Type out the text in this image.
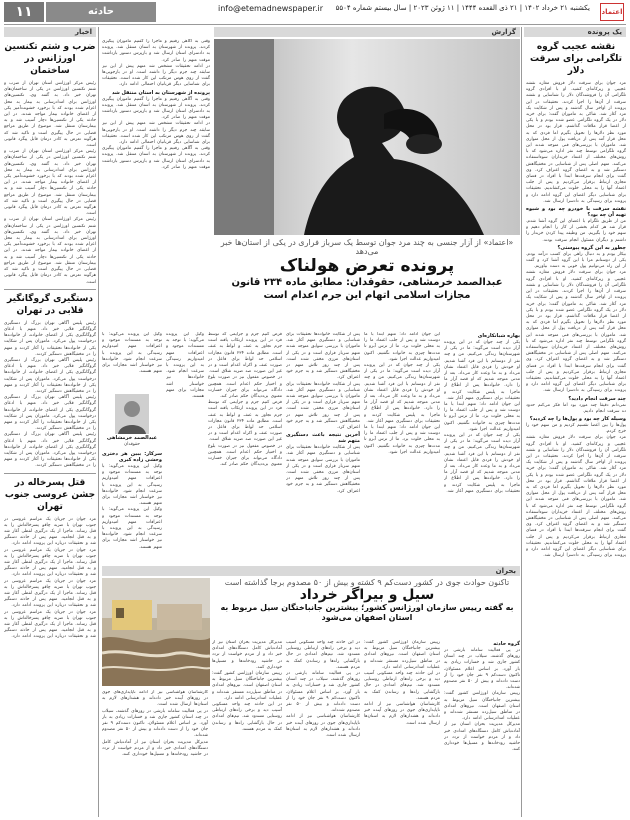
۱۱	حادثه	info@etemadnewspaper.ir	یکشنبه ۲۱ خرداد ۱۴۰۲ | ۲۱ ذی القعده ۱۴۴۴ | ۱۱ ژوئن ۲۰۲۳ | سال بیستم شماره ۵۵۰۴ اعتماد
یک پرونده
گزارش
اخبار
نقشه عجیب گروه تلگرامی برای سرقت دلار
مرد جوان برای سرقت دلار فروش مغازه نقشه عجیبی و زیرکانه‌ای کشید. او با افرادی گروه تلگرامی آن را فروشندگان دلار را شناسایی و نقشه سرقت از آن‌ها را اجرا کردند. تحقیقات در این پرونده از اواخر سال گذشته و پس از شکایت یک مرد آغاز شد. شاکی به ماموران گفت: برای خرید دلار در یک گروه تلگرامی عضو شده بودم و با یکی از اعضا قرار ملاقات گذاشتم. قرار بود در محل مورد نظر دلارها را تحویل بگیرم اما فردی که به محل قرار آمد پس از دریافت پول از محل متواری شد. ماموران با بررسی‌های فنی متوجه شدند این گروه تلگرامی توسط چند نفر اداره می‌شود که با روش‌های مختلف از اعتماد خریداران سوءاستفاده می‌کنند. متهم اصلی پس از شناسایی در مخفیگاهش دستگیر شد و به اعضای گروه اعتراف کرد. وی گفت برای انجام سرقت‌ها ابتدا با افراد در فضای مجازی ارتباط برقرار می‌کردیم و پس از جلب اعتماد آنها را به محلی خلوت می‌کشاندیم. تحقیقات برای شناسایی دیگر اعضای این گروه ادامه دارد و پرونده برای رسیدگی به دادسرا ارسال شد.
نقشه سرقت با خودرو چه بود و شیوه تهیه آن چه بود؟
من از طریق تلگرام با اعضای این گروه آشنا شدم. قرار شد هر کدام بخشی از کار را انجام دهیم و سهم خود را بگیریم. من وظیفه پیدا کردن خریدار را داشتم و دیگران مسئول انجام سرقت بودند.
چطور به این گروه پیوستی؟
بیکار بودم و به دنبال راهی برای کسب درآمد بودم. یکی از دوستانم مرا با این گروه آشنا کرد و گفت از این راه می‌توانیم پول خوبی به دست بیاوریم.
مرد جوان برای سرقت دلار فروش مغازه نقشه عجیبی و زیرکانه‌ای کشید. او با افرادی گروه تلگرامی آن را فروشندگان دلار را شناسایی و نقشه سرقت از آن‌ها را اجرا کردند. تحقیقات در این پرونده از اواخر سال گذشته و پس از شکایت یک مرد آغاز شد. شاکی به ماموران گفت: برای خرید دلار در یک گروه تلگرامی عضو شده بودم و با یکی از اعضا قرار ملاقات گذاشتم. قرار بود در محل مورد نظر دلارها را تحویل بگیرم اما فردی که به محل قرار آمد پس از دریافت پول از محل متواری شد. ماموران با بررسی‌های فنی متوجه شدند این گروه تلگرامی توسط چند نفر اداره می‌شود که با روش‌های مختلف از اعتماد خریداران سوءاستفاده می‌کنند. متهم اصلی پس از شناسایی در مخفیگاهش دستگیر شد و به اعضای گروه اعتراف کرد. وی گفت برای انجام سرقت‌ها ابتدا با افراد در فضای مجازی ارتباط برقرار می‌کردیم و پس از جلب اعتماد آنها را به محلی خلوت می‌کشاندیم. تحقیقات برای شناسایی دیگر اعضای این گروه ادامه دارد و پرونده برای رسیدگی به دادسرا ارسال شد.
چند سرقت انجام دادید؟
نمی‌دانم دقیقا چند مورد بود اما فکر می‌کنم حدود ده سرقت انجام دادیم.
وسیله کار چه بود و پول‌ها را چه کردید؟
پول‌ها را بین اعضا تقسیم کردیم و من سهم خود را خرج کردم.
مرد جوان برای سرقت دلار فروش مغازه نقشه عجیبی و زیرکانه‌ای کشید. او با افرادی گروه تلگرامی آن را فروشندگان دلار را شناسایی و نقشه سرقت از آن‌ها را اجرا کردند. تحقیقات در این پرونده از اواخر سال گذشته و پس از شکایت یک مرد آغاز شد. شاکی به ماموران گفت: برای خرید دلار در یک گروه تلگرامی عضو شده بودم و با یکی از اعضا قرار ملاقات گذاشتم. قرار بود در محل مورد نظر دلارها را تحویل بگیرم اما فردی که به محل قرار آمد پس از دریافت پول از محل متواری شد. ماموران با بررسی‌های فنی متوجه شدند این گروه تلگرامی توسط چند نفر اداره می‌شود که با روش‌های مختلف از اعتماد خریداران سوءاستفاده می‌کنند. متهم اصلی پس از شناسایی در مخفیگاهش دستگیر شد و به اعضای گروه اعتراف کرد. وی گفت برای انجام سرقت‌ها ابتدا با افراد در فضای مجازی ارتباط برقرار می‌کردیم و پس از جلب اعتماد آنها را به محلی خلوت می‌کشاندیم. تحقیقات برای شناسایی دیگر اعضای این گروه ادامه دارد و پرونده برای رسیدگی به دادسرا ارسال شد.
ضرب و شتم تکنسین اورژانس در ساختمان
رئیس مرکز اورژانس استان تهران از ضرب و شتم تکنسین اورژانس در یکی از ساختمان‌های تهران خبر داد. به گفته وی، تکنسین‌های اورژانس برای امدادرسانی به بیمار به محل اعزام شده بودند که با برخورد خشونت‌آمیز یکی از اعضای خانواده بیمار مواجه شدند. در این حادثه یکی از تکنسین‌ها دچار آسیب شد و به بیمارستان منتقل شد. موضوع از طریق مراجع قضایی در حال پیگیری است و تاکید شد که هرگونه تعرض به کادر درمان قابل پیگرد قانونی است.
رئیس مرکز اورژانس استان تهران از ضرب و شتم تکنسین اورژانس در یکی از ساختمان‌های تهران خبر داد. به گفته وی، تکنسین‌های اورژانس برای امدادرسانی به بیمار به محل اعزام شده بودند که با برخورد خشونت‌آمیز یکی از اعضای خانواده بیمار مواجه شدند. در این حادثه یکی از تکنسین‌ها دچار آسیب شد و به بیمارستان منتقل شد. موضوع از طریق مراجع قضایی در حال پیگیری است و تاکید شد که هرگونه تعرض به کادر درمان قابل پیگرد قانونی است.
رئیس مرکز اورژانس استان تهران از ضرب و شتم تکنسین اورژانس در یکی از ساختمان‌های تهران خبر داد. به گفته وی، تکنسین‌های اورژانس برای امدادرسانی به بیمار به محل اعزام شده بودند که با برخورد خشونت‌آمیز یکی از اعضای خانواده بیمار مواجه شدند. در این حادثه یکی از تکنسین‌ها دچار آسیب شد و به بیمارستان منتقل شد. موضوع از طریق مراجع قضایی در حال پیگیری است و تاکید شد که هرگونه تعرض به کادر درمان قابل پیگرد قانونی است.
دستگیری گروگانگیر قلابی در تهران
رئیس پلیس آگاهی تهران بزرگ از دستگیری گروگانگیر قلابی خبر داد. متهم با ادعای گروگانگیری یکی از اعضای خانواده، از خانواده‌ها درخواست پول می‌کرد. ماموران پس از شکایت یکی از خانواده‌ها تحقیقات را آغاز کردند و متهم را در مخفیگاهش دستگیر کردند.
رئیس پلیس آگاهی تهران بزرگ از دستگیری گروگانگیر قلابی خبر داد. متهم با ادعای گروگانگیری یکی از اعضای خانواده، از خانواده‌ها درخواست پول می‌کرد. ماموران پس از شکایت یکی از خانواده‌ها تحقیقات را آغاز کردند و متهم را در مخفیگاهش دستگیر کردند.
رئیس پلیس آگاهی تهران بزرگ از دستگیری گروگانگیر قلابی خبر داد. متهم با ادعای گروگانگیری یکی از اعضای خانواده، از خانواده‌ها درخواست پول می‌کرد. ماموران پس از شکایت یکی از خانواده‌ها تحقیقات را آغاز کردند و متهم را در مخفیگاهش دستگیر کردند.
رئیس پلیس آگاهی تهران بزرگ از دستگیری گروگانگیر قلابی خبر داد. متهم با ادعای گروگانگیری یکی از اعضای خانواده، از خانواده‌ها درخواست پول می‌کرد. ماموران پس از شکایت یکی از خانواده‌ها تحقیقات را آغاز کردند و متهم را در مخفیگاهش دستگیر کردند.
قتل پسرخاله در جشن عروسی جنوب تهران
مرد جوان در جریان یک مراسم عروسی در جنوب تهران با ضربه چاقو پسرخاله‌اش را به قتل رساند. ماجرا از یک درگیری لفظی آغاز شد و به قتل انجامید. متهم پس از حادثه دستگیر شد و تحقیقات درباره این پرونده ادامه دارد.
مرد جوان در جریان یک مراسم عروسی در جنوب تهران با ضربه چاقو پسرخاله‌اش را به قتل رساند. ماجرا از یک درگیری لفظی آغاز شد و به قتل انجامید. متهم پس از حادثه دستگیر شد و تحقیقات درباره این پرونده ادامه دارد.
مرد جوان در جریان یک مراسم عروسی در جنوب تهران با ضربه چاقو پسرخاله‌اش را به قتل رساند. ماجرا از یک درگیری لفظی آغاز شد و به قتل انجامید. متهم پس از حادثه دستگیر شد و تحقیقات درباره این پرونده ادامه دارد.
مرد جوان در جریان یک مراسم عروسی در جنوب تهران با ضربه چاقو پسرخاله‌اش را به قتل رساند. ماجرا از یک درگیری لفظی آغاز شد و به قتل انجامید. متهم پس از حادثه دستگیر شد و تحقیقات درباره این پرونده ادامه دارد.
وقتی به آگاهی رفتیم و ماجرا را گفتیم ماموران پیگیری کردند. پرونده از شهرستان به استان منتقل شد. پرونده به دادسرای استان ارسال شد و بازپرس دستور بازداشت موقت متهم را صادر کرد.
در ادامه تحقیقات مشخص شد متهم پیش از این نیز سابقه چند جرم دیگر را داشته است. او در بازجویی‌ها گفت از روی هوس مرتکب این کار شده است. تحقیقات برای شناسایی دیگر قربانیان احتمالی ادامه دارد.
پرونده از شهرستان به استان منتقل شد
وقتی به آگاهی رفتیم و ماجرا را گفتیم ماموران پیگیری کردند. پرونده از شهرستان به استان منتقل شد. پرونده به دادسرای استان ارسال شد و بازپرس دستور بازداشت موقت متهم را صادر کرد.
در ادامه تحقیقات مشخص شد متهم پیش از این نیز سابقه چند جرم دیگر را داشته است. او در بازجویی‌ها گفت از روی هوس مرتکب این کار شده است. تحقیقات برای شناسایی دیگر قربانیان احتمالی ادامه دارد.
وقتی به آگاهی رفتیم و ماجرا را گفتیم ماموران پیگیری کردند. پرونده از شهرستان به استان منتقل شد. پرونده به دادسرای استان ارسال شد و بازپرس دستور بازداشت موقت متهم را صادر کرد.
«اعتماد» از آزار جنسی به چند مرد جوان توسط یک سرباز فراری در یکی از استان‌ها خبر می‌دهد
پرونده تعرض هولناک
عبدالصمد خرمشاهی، حقوقدان: مطابق ماده ۲۳۴ قانون مجازات اسلامی اتهام این جرم اعدام است
بهاره شبانکاره‌ای
یکی از چند جوان که در این پرونده آزار دیده است می‌گوید: ما در یکی از شهرستان‌ها زندگی می‌کنیم. من و چند نفر از دوستانم با این فرد آشنا شدیم. او خودش را فردی قابل اعتماد نشان می‌داد و به ما وعده کار می‌داد. بعد از مدتی متوجه شدیم که او قصد آزار ما را دارد. خانواده‌ها پس از اطلاع از ماجرا به پلیس شکایت کردند و تحقیقات برای دستگیری متهم آغاز شد.
این جوان ادامه داد: متهم ابتدا با ما دوست شد و پس از جلب اعتماد ما را به محلی خلوت برد. ما از ترس آبرو تا مدت‌ها چیزی به خانواده نگفتیم. اکنون امیدواریم عدالت اجرا شود.
یکی از چند جوان که در این پرونده آزار دیده است می‌گوید: ما در یکی از شهرستان‌ها زندگی می‌کنیم. من و چند نفر از دوستانم با این فرد آشنا شدیم. او خودش را فردی قابل اعتماد نشان می‌داد و به ما وعده کار می‌داد. بعد از مدتی متوجه شدیم که او قصد آزار ما را دارد. خانواده‌ها پس از اطلاع از ماجرا به پلیس شکایت کردند و تحقیقات برای دستگیری متهم آغاز شد.
این جوان ادامه داد: متهم ابتدا با ما دوست شد و پس از جلب اعتماد ما را به محلی خلوت برد. ما از ترس آبرو تا مدت‌ها چیزی به خانواده نگفتیم. اکنون امیدواریم عدالت اجرا شود.
یکی از چند جوان که در این پرونده آزار دیده است می‌گوید: ما در یکی از شهرستان‌ها زندگی می‌کنیم. من و چند نفر از دوستانم با این فرد آشنا شدیم. او خودش را فردی قابل اعتماد نشان می‌داد و به ما وعده کار می‌داد. بعد از مدتی متوجه شدیم که او قصد آزار ما را دارد. خانواده‌ها پس از اطلاع از ماجرا به پلیس شکایت کردند و تحقیقات برای دستگیری متهم آغاز شد.
این جوان ادامه داد: متهم ابتدا با ما دوست شد و پس از جلب اعتماد ما را به محلی خلوت برد. ما از ترس آبرو تا مدت‌ها چیزی به خانواده نگفتیم. اکنون امیدواریم عدالت اجرا شود.
پس از شکایت خانواده‌ها تحقیقات برای شناسایی و دستگیری متهم آغاز شد. ماموران با بررسی سوابق متوجه شدند متهم سرباز فراری است و در یکی از استان‌های مرزی مخفی شده است. پس از چند روز تلاش متهم در مخفیگاهش دستگیر شد و به جرم خود اعتراف کرد.
پس از شکایت خانواده‌ها تحقیقات برای شناسایی و دستگیری متهم آغاز شد. ماموران با بررسی سوابق متوجه شدند متهم سرباز فراری است و در یکی از استان‌های مرزی مخفی شده است. پس از چند روز تلاش متهم در مخفیگاهش دستگیر شد و به جرم خود اعتراف کرد.
آخرین نتیجه باعث دستگیری متهم شد
پس از شکایت خانواده‌ها تحقیقات برای شناسایی و دستگیری متهم آغاز شد. ماموران با بررسی سوابق متوجه شدند متهم سرباز فراری است و در یکی از استان‌های مرزی مخفی شده است. پس از چند روز تلاش متهم در مخفیگاهش دستگیر شد و به جرم خود اعتراف کرد.
فرض کنیم جرم و جرایمی که توسط فرد در این پرونده ارتکاب یافته است جرم تجاوز به عنف و لواط به عنف است. مطابق ماده ۲۳۴ قانون مجازات اسلامی حد لواط برای فاعل در صورت عنف و اکراه اعدام است و در غیر این صورت صد ضربه شلاق است.
در خصوص مفعول نیز در صورت بلوغ و اختیار حکم اعدام است. همچنین دادگاه می‌تواند برای جبران خسارت معنوی بزه‌دیدگان حکم صادر کند.
فرض کنیم جرم و جرایمی که توسط فرد در این پرونده ارتکاب یافته است جرم تجاوز به عنف و لواط به عنف است. مطابق ماده ۲۳۴ قانون مجازات اسلامی حد لواط برای فاعل در صورت عنف و اکراه اعدام است و در غیر این صورت صد ضربه شلاق است.
در خصوص مفعول نیز در صورت بلوغ و اختیار حکم اعدام است. همچنین دادگاه می‌تواند برای جبران خسارت معنوی بزه‌دیدگان حکم صادر کند.
وکیل این پرونده می‌گوید: با توجه به مستندات موجود و اعترافات متهم امیدواریم رسیدگی به این پرونده با سرعت انجام شود. خانواده‌ها نیز خواستار اشد مجازات برای متهم هستند.
وکیل این پرونده می‌گوید: با توجه به مستندات موجود و اعترافات متهم امیدواریم رسیدگی به این پرونده با سرعت انجام شود. خانواده‌ها نیز خواستار اشد مجازات برای متهم هستند.
عبدالصمد خرمشاهی
حقوقدان
سرکار: ببین هر دختری وحشی زاده کبری
وکیل این پرونده می‌گوید: با توجه به مستندات موجود و اعترافات متهم امیدواریم رسیدگی به این پرونده با سرعت انجام شود. خانواده‌ها نیز خواستار اشد مجازات برای متهم هستند.
وکیل این پرونده می‌گوید: با توجه به مستندات موجود و اعترافات متهم امیدواریم رسیدگی به این پرونده با سرعت انجام شود. خانواده‌ها نیز خواستار اشد مجازات برای متهم هستند.
بحران
تاکنون حوادث جوی در کشور دست‌کم ۹ کشته و بیش از ۵۰ مصدوم برجا گذاشته است
سیل و بیراگر خرداد
به گفته رییس سازمان اورژانس کشور؛ بیشترین جانباختگان سیل مربوط به استان اصفهان می‌شود
گروه حادثه
در پی فعالیت سامانه بارشی در روزهای گذشته، سیلاب در چند استان کشور جاری شد و خسارات زیادی به بار آورد. بر اساس اعلام مسئولان، تاکنون دست‌کم ۹ نفر جان خود را از دست داده‌اند و بیش از ۵۰ نفر مصدوم شده‌اند.
رییس سازمان اورژانس کشور گفت: بیشترین جانباختگان سیل مربوط به استان اصفهان است. نیروهای امدادی در مناطق سیل‌زده مستقر شده‌اند و عملیات امدادرسانی ادامه دارد.
مدیرکل مدیریت بحران استان نیز از آماده‌باش کامل دستگاه‌های امدادی خبر داد و از مردم خواست از تردد در حاشیه رودخانه‌ها و مسیل‌ها خودداری کنند.
رییس سازمان اورژانس کشور گفت: بیشترین جانباختگان سیل مربوط به استان اصفهان است. نیروهای امدادی در مناطق سیل‌زده مستقر شده‌اند و عملیات امدادرسانی ادامه دارد.
در این حادثه چند واحد مسکونی آسیب دید و برخی راه‌های ارتباطی روستایی مسدود شد. تیم‌های امدادی در حال بازگشایی راه‌ها و رساندن کمک به مردم هستند.
کارشناسان هواشناسی نیز از ادامه ناپایداری‌های جوی در روزهای آینده خبر داده‌اند و هشدارهای لازم به استان‌ها ارسال شده است.
در این حادثه چند واحد مسکونی آسیب دید و برخی راه‌های ارتباطی روستایی مسدود شد. تیم‌های امدادی در حال بازگشایی راه‌ها و رساندن کمک به مردم هستند.
در پی فعالیت سامانه بارشی در روزهای گذشته، سیلاب در چند استان کشور جاری شد و خسارات زیادی به بار آورد. بر اساس اعلام مسئولان، تاکنون دست‌کم ۹ نفر جان خود را از دست داده‌اند و بیش از ۵۰ نفر مصدوم شده‌اند.
کارشناسان هواشناسی نیز از ادامه ناپایداری‌های جوی در روزهای آینده خبر داده‌اند و هشدارهای لازم به استان‌ها ارسال شده است.
مدیرکل مدیریت بحران استان نیز از آماده‌باش کامل دستگاه‌های امدادی خبر داد و از مردم خواست از تردد در حاشیه رودخانه‌ها و مسیل‌ها خودداری کنند.
رییس سازمان اورژانس کشور گفت: بیشترین جانباختگان سیل مربوط به استان اصفهان است. نیروهای امدادی در مناطق سیل‌زده مستقر شده‌اند و عملیات امدادرسانی ادامه دارد.
در این حادثه چند واحد مسکونی آسیب دید و برخی راه‌های ارتباطی روستایی مسدود شد. تیم‌های امدادی در حال بازگشایی راه‌ها و رساندن کمک به مردم هستند.
کارشناسان هواشناسی نیز از ادامه ناپایداری‌های جوی در روزهای آینده خبر داده‌اند و هشدارهای لازم به استان‌ها ارسال شده است.
در پی فعالیت سامانه بارشی در روزهای گذشته، سیلاب در چند استان کشور جاری شد و خسارات زیادی به بار آورد. بر اساس اعلام مسئولان، تاکنون دست‌کم ۹ نفر جان خود را از دست داده‌اند و بیش از ۵۰ نفر مصدوم شده‌اند.
مدیرکل مدیریت بحران استان نیز از آماده‌باش کامل دستگاه‌های امدادی خبر داد و از مردم خواست از تردد در حاشیه رودخانه‌ها و مسیل‌ها خودداری کنند.
